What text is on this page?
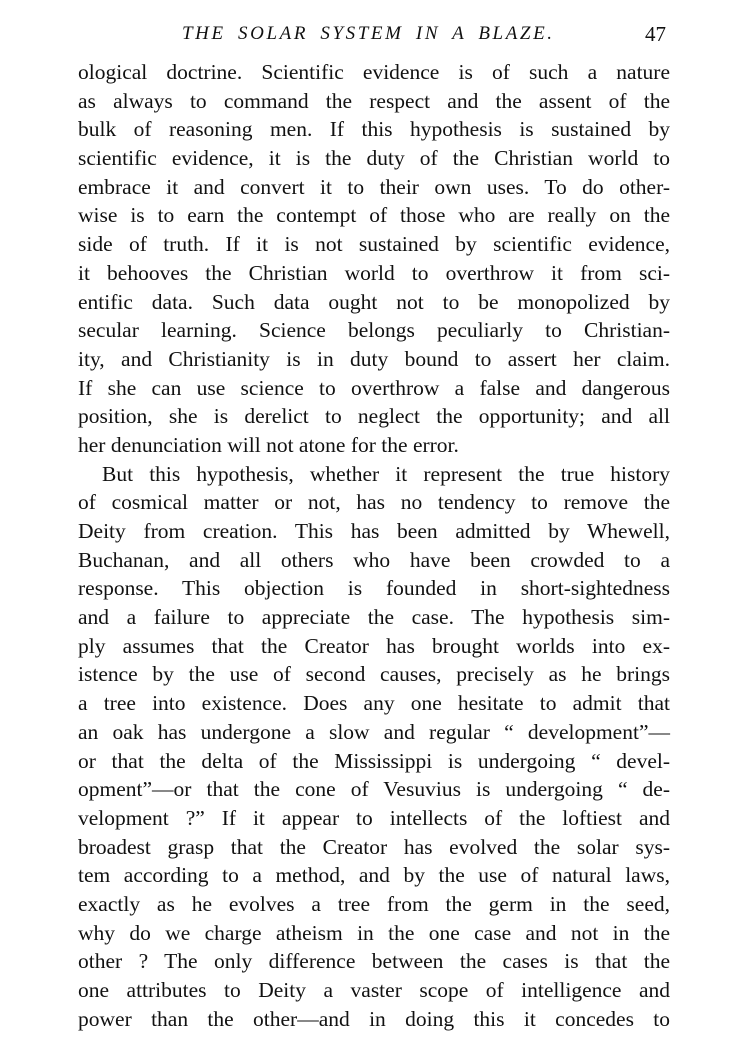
THE SOLAR SYSTEM IN A BLAZE.	47
ological doctrine. Scientific evidence is of such a nature
as always to command the respect and the assent of the
bulk of reasoning men. If this hypothesis is sustained by
scientific evidence, it is the duty of the Christian world to
embrace it and convert it to their own uses. To do other-
wise is to earn the contempt of those who are really on the
side of truth. If it is not sustained by scientific evidence,
it behooves the Christian world to overthrow it from sci-
entific data. Such data ought not to be monopolized by
secular learning. Science belongs peculiarly to Christian-
ity, and Christianity is in duty bound to assert her claim.
If she can use science to overthrow a false and dangerous
position, she is derelict to neglect the opportunity; and all
her denunciation will not atone for the error.
But this hypothesis, whether it represent the true history
of cosmical matter or not, has no tendency to remove the
Deity from creation. This has been admitted by Whewell,
Buchanan, and all others who have been crowded to a
response. This objection is founded in short-sightedness
and a failure to appreciate the case. The hypothesis sim-
ply assumes that the Creator has brought worlds into ex-
istence by the use of second causes, precisely as he brings
a tree into existence. Does any one hesitate to admit that
an oak has undergone a slow and regular “ development”—
or that the delta of the Mississippi is undergoing “ devel-
opment”—or that the cone of Vesuvius is undergoing “ de-
velopment ?” If it appear to intellects of the loftiest and
broadest grasp that the Creator has evolved the solar sys-
tem according to a method, and by the use of natural laws,
exactly as he evolves a tree from the germ in the seed,
why do we charge atheism in the one case and not in the
other ? The only difference between the cases is that the
one attributes to Deity a vaster scope of intelligence and
power than the other—and in doing this it concedes to
